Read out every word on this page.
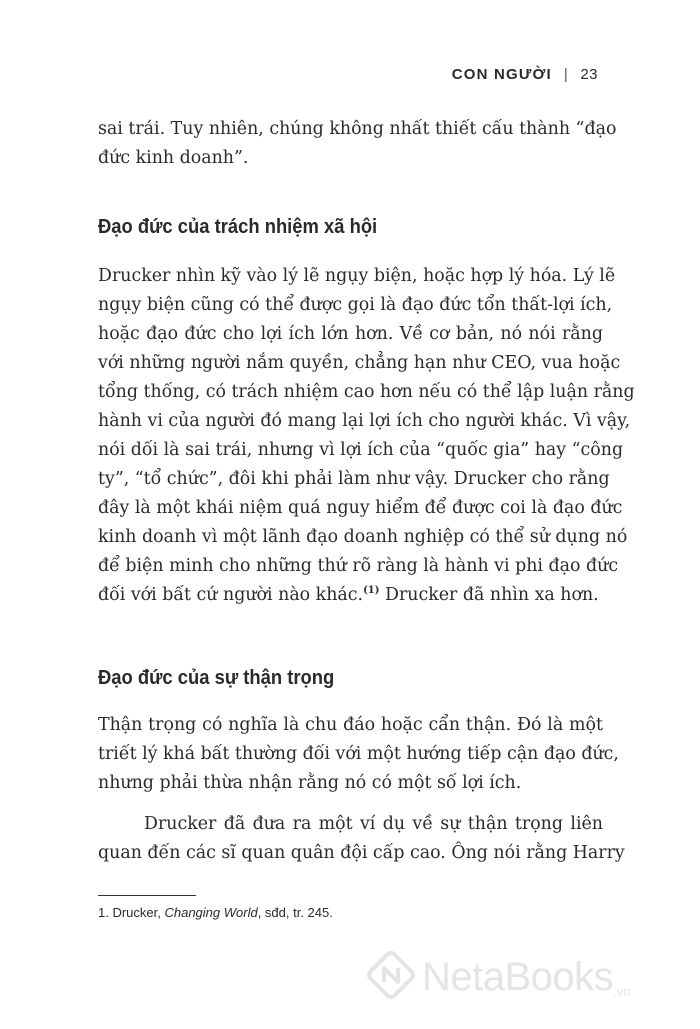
CON NGƯỜI | 23

sai trái. Tuy nhiên, chúng không nhất thiết cấu thành “đạo
đức kinh doanh”.

Đạo đức của trách nhiệm xã hội

Drucker nhìn kỹ vào lý lẽ ngụy biện, hoặc hợp lý hóa. Lý lẽ
ngụy biện cũng có thể được gọi là đạo đức tổn thất-lợi ích,
hoặc đạo đức cho lợi ích lớn hơn. Về cơ bản, nó nói rằng
với những người nắm quyền, chẳng hạn như CEO, vua hoặc
tổng thống, có trách nhiệm cao hơn nếu có thể lập luận rằng
hành vi của người đó mang lại lợi ích cho người khác. Vì vậy,
nói dối là sai trái, nhưng vì lợi ích của “quốc gia” hay “công
ty”, “tổ chức”, đôi khi phải làm như vậy. Drucker cho rằng
đây là một khái niệm quá nguy hiểm để được coi là đạo đức
kinh doanh vì một lãnh đạo doanh nghiệp có thể sử dụng nó
để biện minh cho những thứ rõ ràng là hành vi phi đạo đức
đối với bất cứ người nào khác.$^{(1)}$ Drucker đã nhìn xa hơn.

Đạo đức của sự thận trọng

Thận trọng có nghĩa là chu đáo hoặc cẩn thận. Đó là một
triết lý khá bất thường đối với một hướng tiếp cận đạo đức,
nhưng phải thừa nhận rằng nó có một số lợi ích.

Drucker đã đưa ra một ví dụ về sự thận trọng liên
quan đến các sĩ quan quân đội cấp cao. Ông nói rằng Harry

1. Drucker, Changing World, sđd, tr. 245.
NetaBooks .vn
